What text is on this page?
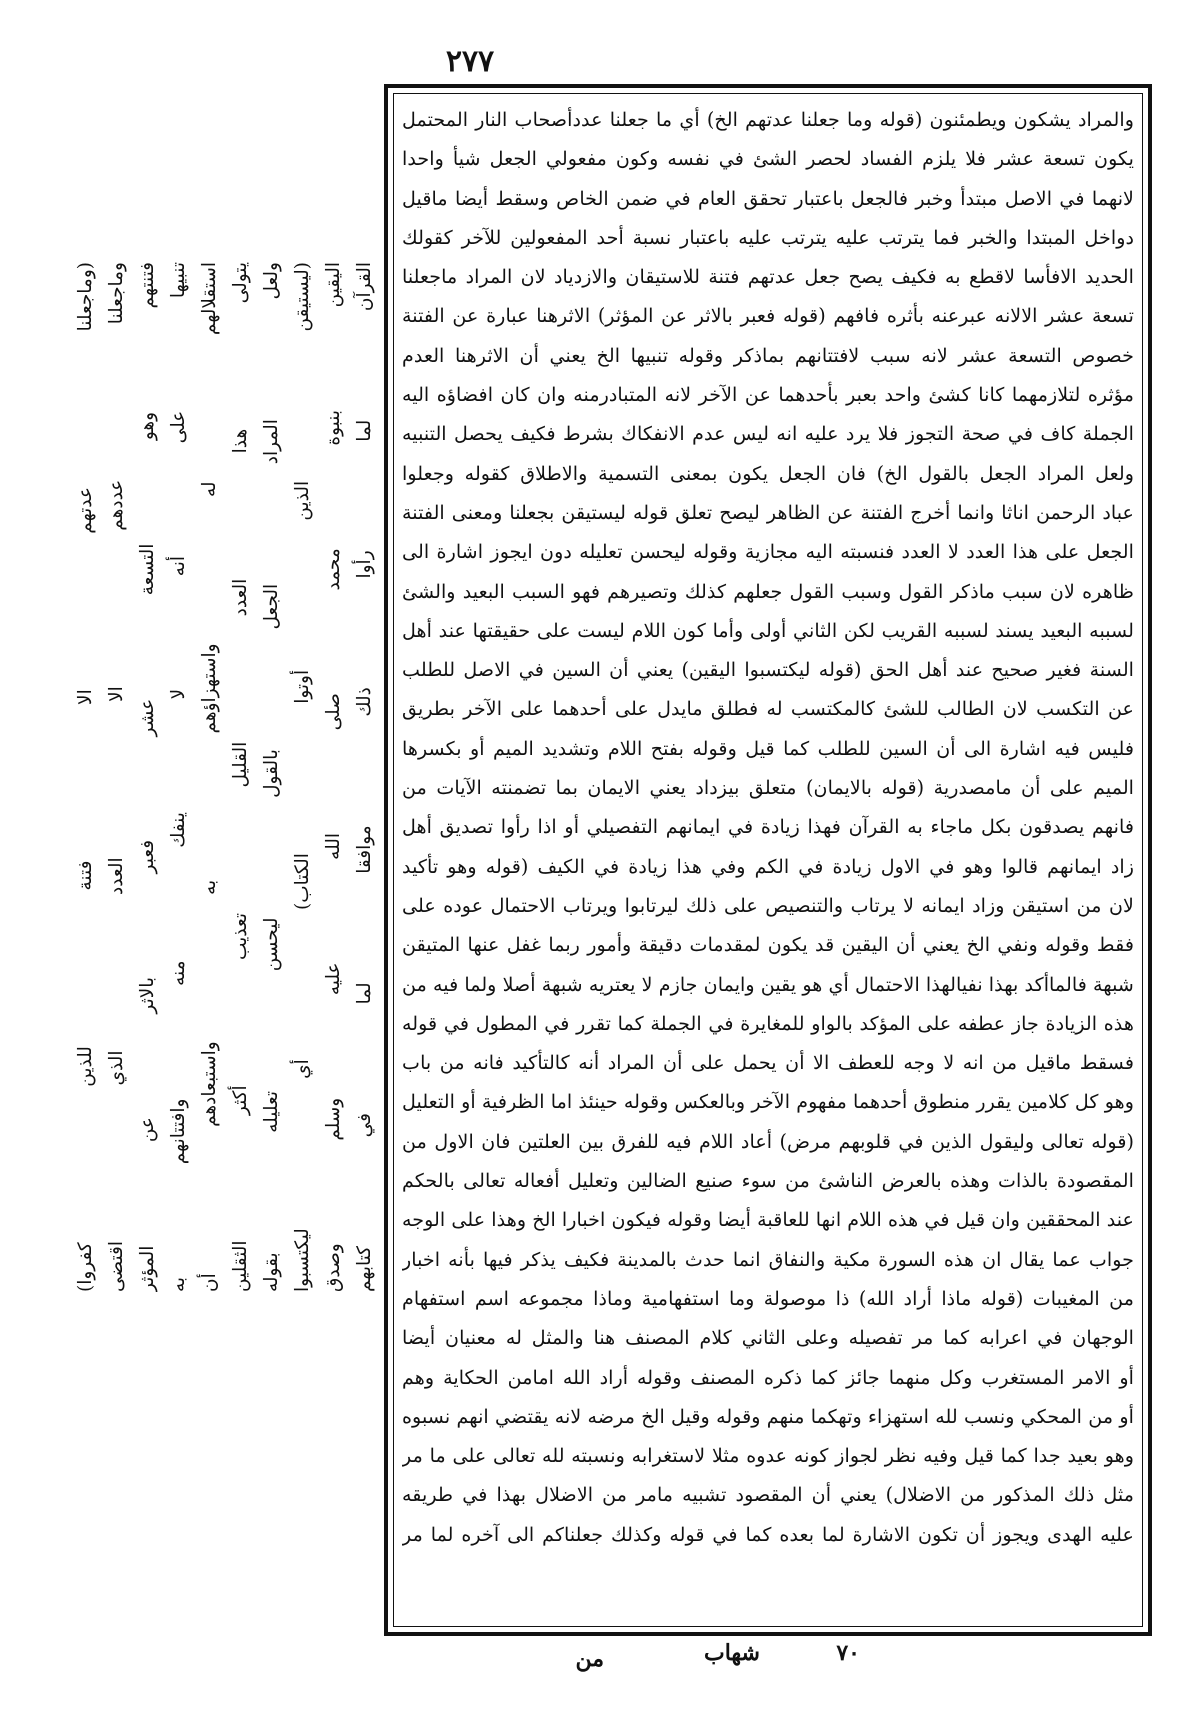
٢٧٧

(وماجعلنا عدتهم الا فتنة للذين كفروا) وماجعلنا عددهم الا العدد الذي اقتضى فتنتهم وهو التسعة عشر فعبر بالاثر عن المؤثر تنبيها على أنه لا ينفك منه وافتتانهم به استقلالهم له واستهزاؤهم به واستبعادهم أن يتولى هذا العدد القليل تعذيب أكثر الثقلين ولعل المراد الجعل بالقول ليحسن تعليله بقوله (ليستيقن الذين أوتوا الكتاب) أي ليكتسبوا اليقين بنبوة محمد صلى الله عليه وسلم وصدق القرآن لما رأوا ذلك موافقا لما في كتابهم

والمراد يشكون ويطمئنون (قوله وما جعلنا عدتهم الخ) أي ما جعلنا عددأصحاب النار المحتمل

يكون تسعة عشر فلا يلزم الفساد لحصر الشئ في نفسه وكون مفعولي الجعل شيأ واحدا

لانهما في الاصل مبتدأ وخبر فالجعل باعتبار تحقق العام في ضمن الخاص وسقط أيضا ماقيل

دواخل المبتدا والخبر فما يترتب عليه يترتب عليه باعتبار نسبة أحد المفعولين للآخر كقولك

الحديد الافأسا لاقطع به فكيف يصح جعل عدتهم فتنة للاستيقان والازدياد لان المراد ماجعلنا

تسعة عشر الالانه عبرعنه بأثره فافهم (قوله فعبر بالاثر عن المؤثر) الاثرهنا عبارة عن الفتنة

خصوص التسعة عشر لانه سبب لافتتانهم بماذكر وقوله تنبيها الخ يعني أن الاثرهنا العدم

مؤثره لتلازمهما كانا كشئ واحد بعبر بأحدهما عن الآخر لانه المتبادرمنه وان كان افضاؤه اليه

الجملة كاف في صحة التجوز فلا يرد عليه انه ليس عدم الانفكاك بشرط فكيف يحصل التنبيه

ولعل المراد الجعل بالقول الخ) فان الجعل يكون بمعنى التسمية والاطلاق كقوله وجعلوا

عباد الرحمن اناثا وانما أخرج الفتنة عن الظاهر ليصح تعلق قوله ليستيقن بجعلنا ومعنى الفتنة

الجعل على هذا العدد لا العدد فنسبته اليه مجازية وقوله ليحسن تعليله دون ايجوز اشارة الى

ظاهره لان سبب ماذكر القول وسبب القول جعلهم كذلك وتصيرهم فهو السبب البعيد والشئ

لسببه البعيد يسند لسببه القريب لكن الثاني أولى وأما كون اللام ليست على حقيقتها عند أهل

السنة فغير صحيح عند أهل الحق (قوله ليكتسبوا اليقين) يعني أن السين في الاصل للطلب

عن التكسب لان الطالب للشئ كالمكتسب له فطلق مايدل على أحدهما على الآخر بطريق

فليس فيه اشارة الى أن السين للطلب كما قيل وقوله بفتح اللام وتشديد الميم أو بكسرها

الميم على أن مامصدرية (قوله بالايمان) متعلق بيزداد يعني الايمان بما تضمنته الآيات من

فانهم يصدقون بكل ماجاء به القرآن فهذا زيادة في ايمانهم التفصيلي أو اذا رأوا تصديق أهل

زاد ايمانهم قالوا وهو في الاول زيادة في الكم وفي هذا زيادة في الكيف (قوله وهو تأكيد

لان من استيقن وزاد ايمانه لا يرتاب والتنصيص على ذلك ليرتابوا ويرتاب الاحتمال عوده على

فقط وقوله ونفي الخ يعني أن اليقين قد يكون لمقدمات دقيقة وأمور ربما غفل عنها المتيقن

شبهة فالماأكد بهذا نفيالهذا الاحتمال أي هو يقين وايمان جازم لا يعتريه شبهة أصلا ولما فيه من

هذه الزيادة جاز عطفه على المؤكد بالواو للمغايرة في الجملة كما تقرر في المطول في قوله

فسقط ماقيل من انه لا وجه للعطف الا أن يحمل على أن المراد أنه كالتأكيد فانه من باب

وهو كل كلامين يقرر منطوق أحدهما مفهوم الآخر وبالعكس وقوله حينئذ اما الظرفية أو التعليل

(قوله تعالى وليقول الذين في قلوبهم مرض) أعاد اللام فيه للفرق بين العلتين فان الاول من

المقصودة بالذات وهذه بالعرض الناشئ من سوء صنيع الضالين وتعليل أفعاله تعالى بالحكم

عند المحققين وان قيل في هذه اللام انها للعاقبة أيضا وقوله فيكون اخبارا الخ وهذا على الوجه

جواب عما يقال ان هذه السورة مكية والنفاق انما حدث بالمدينة فكيف يذكر فيها بأنه اخبار

من المغيبات (قوله ماذا أراد الله) ذا موصولة وما استفهامية وماذا مجموعه اسم استفهام

الوجهان في اعرابه كما مر تفصيله وعلى الثاني كلام المصنف هنا والمثل له معنيان أيضا

أو الامر المستغرب وكل منهما جائز كما ذكره المصنف وقوله أراد الله امامن الحكاية وهم

أو من المحكي ونسب لله استهزاء وتهكما منهم وقوله وقيل الخ مرضه لانه يقتضي انهم نسبوه

وهو بعيد جدا كما قيل وفيه نظر لجواز كونه عدوه مثلا لاستغرابه ونسبته لله تعالى على ما مر

مثل ذلك المذكور من الاضلال) يعني أن المقصود تشبيه مامر من الاضلال بهذا في طريقه

عليه الهدى ويجوز أن تكون الاشارة لما بعده كما في قوله وكذلك جعلناكم الى آخره لما مر

٧٠
شهاب
من
